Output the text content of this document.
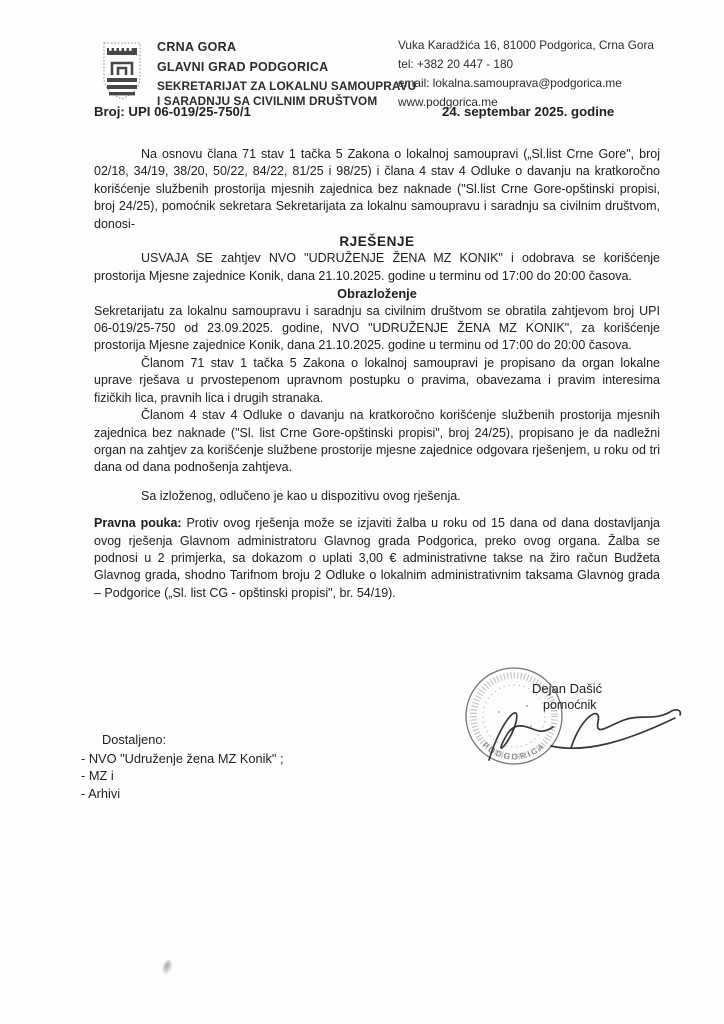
CRNA GORA
GLAVNI GRAD PODGORICA
SEKRETARIJAT ZA LOKALNU SAMOUPRAVU
I SARADNJU SA CIVILNIM DRUŠTVOM
Vuka Karadžića 16, 81000 Podgorica, Crna Gora
tel: +382 20 447 - 180
email: lokalna.samouprava@podgorica.me
www.podgorica.me
Broj: UPI 06-019/25-750/1	24. septembar 2025. godine

Na osnovu člana 71 stav 1 tačka 5 Zakona o lokalnoj samoupravi („Sl.list Crne Gore", broj 02/18, 34/19, 38/20, 50/22, 84/22, 81/25 i 98/25) i člana 4 stav 4 Odluke o davanju na kratkoročno korišćenje službenih prostorija mjesnih zajednica bez naknade ("Sl.list Crne Gore-opštinski propisi, broj 24/25), pomoćnik sekretara Sekretarijata za lokalnu samoupravu i saradnju sa civilnim društvom, donosi-

RJEŠENJE

USVAJA SE zahtjev NVO "UDRUŽENJE ŽENA MZ KONIK" i odobrava se korišćenje prostorija Mjesne zajednice Konik, dana 21.10.2025. godine u terminu od 17:00 do 20:00 časova.

Obrazloženje

Sekretarijatu za lokalnu samoupravu i saradnju sa civilnim društvom se obratila zahtjevom broj UPI 06-019/25-750 od 23.09.2025. godine, NVO "UDRUŽENJE ŽENA MZ KONIK", za korišćenje prostorija Mjesne zajednice Konik, dana 21.10.2025. godine u terminu od 17:00 do 20:00 časova.

Članom 71 stav 1 tačka 5 Zakona o lokalnoj samoupravi je propisano da organ lokalne uprave rješava u prvostepenom upravnom postupku o pravima, obavezama i pravim interesima fizičkih lica, pravnih lica i drugih stranaka.

Članom 4 stav 4 Odluke o davanju na kratkoročno korišćenje službenih prostorija mjesnih zajednica bez naknade ("Sl. list Crne Gore-opštinski propisi", broj 24/25), propisano je da nadležni organ na zahtjev za korišćenje službene prostorije mjesne zajednice odgovara rješenjem, u roku od tri dana od dana podnošenja zahtjeva.

Sa izloženog, odlučeno je kao u dispozitivu ovog rješenja.

Pravna pouka: Protiv ovog rješenja može se izjaviti žalba u roku od 15 dana od dana dostavljanja ovog rješenja Glavnom administratoru Glavnog grada Podgorica, preko ovog organa. Žalba se podnosi u 2 primjerka, sa dokazom o uplati 3,00 € administrativne takse na žiro račun Budžeta Glavnog grada, shodno Tarifnom broju 2 Odluke o lokalnim administrativnim taksama Glavnog grada – Podgorice („Sl. list CG - opštinski propisi", br. 54/19).

PODGORICA
Dejan Dašić
pomoćnik
Dostaljeno:
- NVO "Udruženje žena MZ Konik" ;
- MZ i
- Arhivi
